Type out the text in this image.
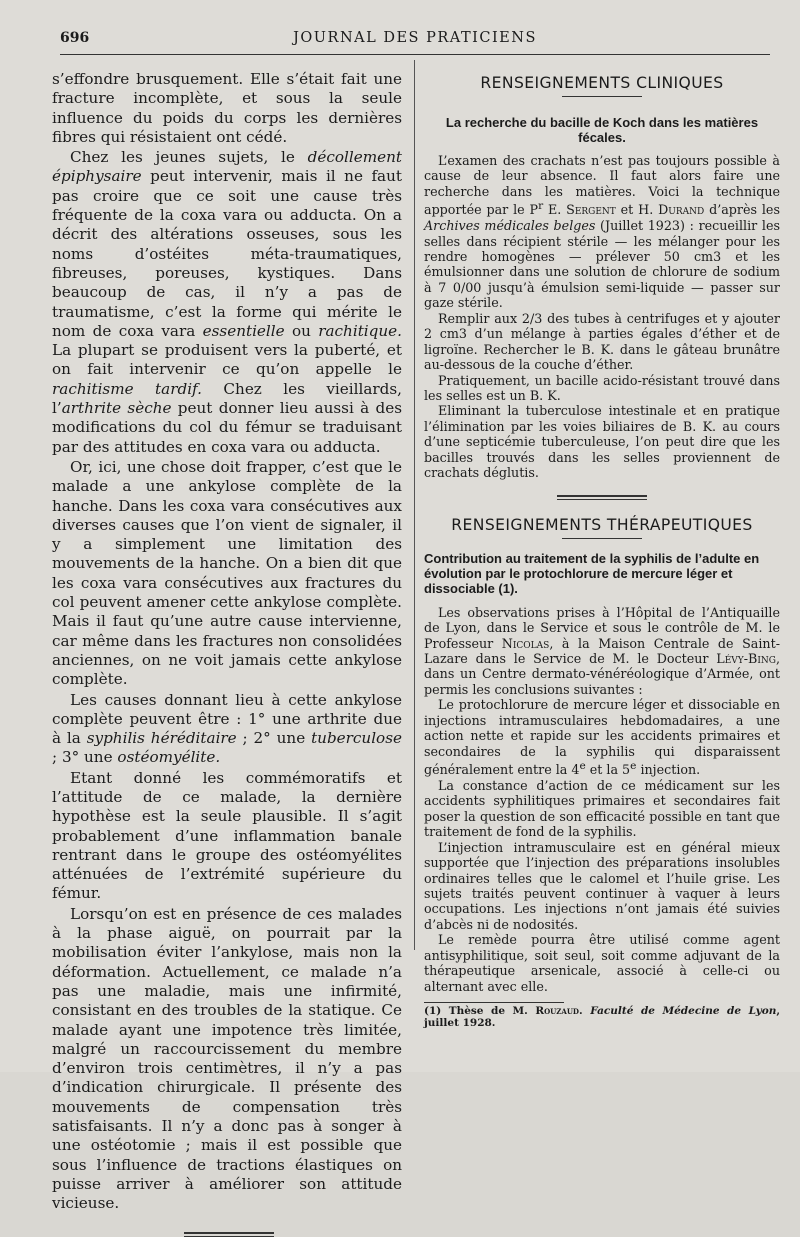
696	JOURNAL DES PRATICIENS

s’effondre brusquement. Elle s’était fait une fracture incomplète, et sous la seule influence du poids du corps les dernières fibres qui résistaient ont cédé.

Chez les jeunes sujets, le décollement épiphysaire peut intervenir, mais il ne faut pas croire que ce soit une cause très fréquente de la coxa vara ou adducta. On a décrit des altérations osseuses, sous les noms d’ostéites méta-traumatiques, fibreuses, poreuses, kystiques. Dans beaucoup de cas, il n’y a pas de traumatisme, c’est la forme qui mérite le nom de coxa vara essentielle ou rachitique. La plupart se produisent vers la puberté, et on fait intervenir ce qu’on appelle le rachitisme tardif. Chez les vieillards, l’arthrite sèche peut donner lieu aussi à des modifications du col du fémur se traduisant par des attitudes en coxa vara ou adducta.

Or, ici, une chose doit frapper, c’est que le malade a une ankylose complète de la hanche. Dans les coxa vara consécutives aux diverses causes que l’on vient de signaler, il y a simplement une limitation des mouvements de la hanche. On a bien dit que les coxa vara consécutives aux fractures du col peuvent amener cette ankylose complète. Mais il faut qu’une autre cause intervienne, car même dans les fractures non consolidées anciennes, on ne voit jamais cette ankylose complète.

Les causes donnant lieu à cette ankylose complète peuvent être : 1° une arthrite due à la syphilis héréditaire ; 2° une tuberculose ; 3° une ostéomyélite.

Etant donné les commémoratifs et l’attitude de ce malade, la dernière hypothèse est la seule plausible. Il s’agit probablement d’une inflammation banale rentrant dans le groupe des ostéomyélites atténuées de l’extrémité supérieure du fémur.

Lorsqu’on est en présence de ces malades à la phase aiguë, on pourrait par la mobilisation éviter l’ankylose, mais non la déformation. Actuellement, ce malade n’a pas une maladie, mais une infirmité, consistant en des troubles de la statique. Ce malade ayant une impotence très limitée, malgré un raccourcissement du membre d’environ trois centimètres, il n’y a pas d’indication chirurgicale. Il présente des mouvements de compensation très satisfaisants. Il n’y a donc pas à songer à une ostéotomie ; mais il est possible que sous l’influence de tractions élastiques on puisse arriver à améliorer son attitude vicieuse.

RENSEIGNEMENTS CLINIQUES
La recherche du bacille de Koch dans les matières fécales.

L’examen des crachats n’est pas toujours possible à cause de leur absence. Il faut alors faire une recherche dans les matières. Voici la technique apportée par le $P^r$ E. Sergent et H. Durand d’après les Archives médicales belges (Juillet 1923) : recueillir les selles dans récipient stérile — les mélanger pour les rendre homogènes — prélever 50 cm3 et les émulsionner dans une solution de chlorure de sodium à 7 0/00 jusqu’à émulsion semi-liquide — passer sur gaze stérile.

Remplir aux 2/3 des tubes à centrifuges et y ajouter 2 cm3 d’un mélange à parties égales d’éther et de ligroïne. Rechercher le B. K. dans le gâteau brunâtre au-dessous de la couche d’éther.

Pratiquement, un bacille acido-résistant trouvé dans les selles est un B. K.

Eliminant la tuberculose intestinale et en pratique l’élimination par les voies biliaires de B. K. au cours d’une septicémie tuberculeuse, l’on peut dire que les bacilles trouvés dans les selles proviennent de crachats déglutis.

RENSEIGNEMENTS THÉRAPEUTIQUES
Contribution au traitement de la syphilis de l’adulte en évolution par le protochlorure de mercure léger et dissociable (1).

Les observations prises à l’Hôpital de l’Antiquaille de Lyon, dans le Service et sous le contrôle de M. le Professeur Nicolas, à la Maison Centrale de Saint-Lazare dans le Service de M. le Docteur Lévy-Bing, dans un Centre dermato-vénéréologique d’Armée, ont permis les conclusions suivantes :

Le protochlorure de mercure léger et dissociable en injections intramusculaires hebdomadaires, a une action nette et rapide sur les accidents primaires et secondaires de la syphilis qui disparaissent généralement entre la 4e et la 5e injection.

La constance d’action de ce médicament sur les accidents syphilitiques primaires et secondaires fait poser la question de son efficacité possible en tant que traitement de fond de la syphilis.

L’injection intramusculaire est en général mieux supportée que l’injection des préparations insolubles ordinaires telles que le calomel et l’huile grise. Les sujets traités peuvent continuer à vaquer à leurs occupations. Les injections n’ont jamais été suivies d’abcès ni de nodosités.

Le remède pourra être utilisé comme agent antisyphilitique, soit seul, soit comme adjuvant de la thérapeutique arsenicale, associé à celle-ci ou alternant avec elle.

(1) Thèse de M. Rouzaud. Faculté de Médecine de Lyon, juillet 1928.
